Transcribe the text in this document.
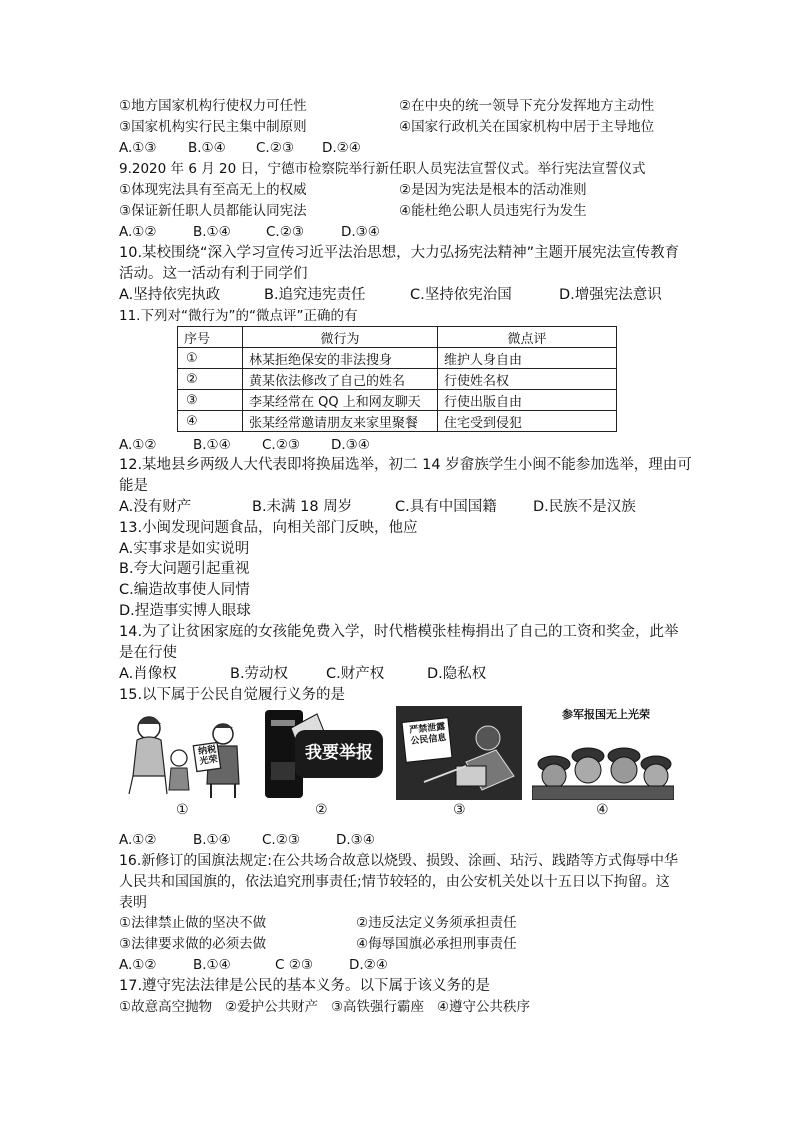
①地方国家机构行使权力可任性	②在中央的统一领导下充分发挥地方主动性
③国家机构实行民主集中制原则	④国家行政机关在国家机构中居于主导地位
A.①③ B.①④ C.②③ D.②④
9.2020 年 6 月 20 日，宁德市检察院举行新任职人员宪法宣誓仪式。举行宪法宣誓仪式
①体现宪法具有至高无上的权威	②是因为宪法是根本的活动准则
③保证新任职人员都能认同宪法	④能杜绝公职人员违宪行为发生
A.①②	B.①④	C.②③	D.③④
10.某校围绕“深入学习宣传习近平法治思想，大力弘扬宪法精神”主题开展宪法宣传教育
活动。这一活动有利于同学们
A.坚持依宪执政	B.追究违宪责任	C.坚持依宪治国	D.增强宪法意识
11.下列对“微行为”的“微点评”正确的有
序号	微行为	微点评
①	林某拒绝保安的非法搜身	维护人身自由
②	黄某依法修改了自己的姓名	行使姓名权
③	李某经常在 QQ 上和网友聊天	行使出版自由
④	张某经常邀请朋友来家里聚餐	住宅受到侵犯
A.①②	B.①④ C.②③ D.③④
12.某地县乡两级人大代表即将换届选举，初二 14 岁畲族学生小闽不能参加选举，理由可
能是
A.没有财产	B.未满 18 周岁	C.具有中国国籍	D.民族不是汉族
13.小闽发现问题食品，向相关部门反映，他应
A.实事求是如实说明
B.夸大问题引起重视
C.编造故事使人同情
D.捏造事实博人眼球
14.为了让贫困家庭的女孩能免费入学，时代楷模张桂梅捐出了自己的工资和奖金，此举
是在行使
A.肖像权	B.劳动权	C.财产权	D.隐私权
15.以下属于公民自觉履行义务的是
纳税光荣	我要举报
严禁泄露公民信息
参军报国无上光荣
①	②	③	④
A.①②	B.①④ C.②③	D.③④
16.新修订的国旗法规定:在公共场合故意以烧毁、损毁、涂画、玷污、践踏等方式侮辱中华
人民共和国国旗的，依法追究刑事责任;情节较轻的，由公安机关处以十五日以下拘留。这
表明
①法律禁止做的坚决不做	②违反法定义务须承担责任
③法律要求做的必须去做	④侮辱国旗必承担刑事责任
A.①②	B.①④	C ②③	D.②④
17.遵守宪法法律是公民的基本义务。以下属于该义务的是
①故意高空抛物   ②爱护公共财产   ③高铁强行霸座   ④遵守公共秩序
